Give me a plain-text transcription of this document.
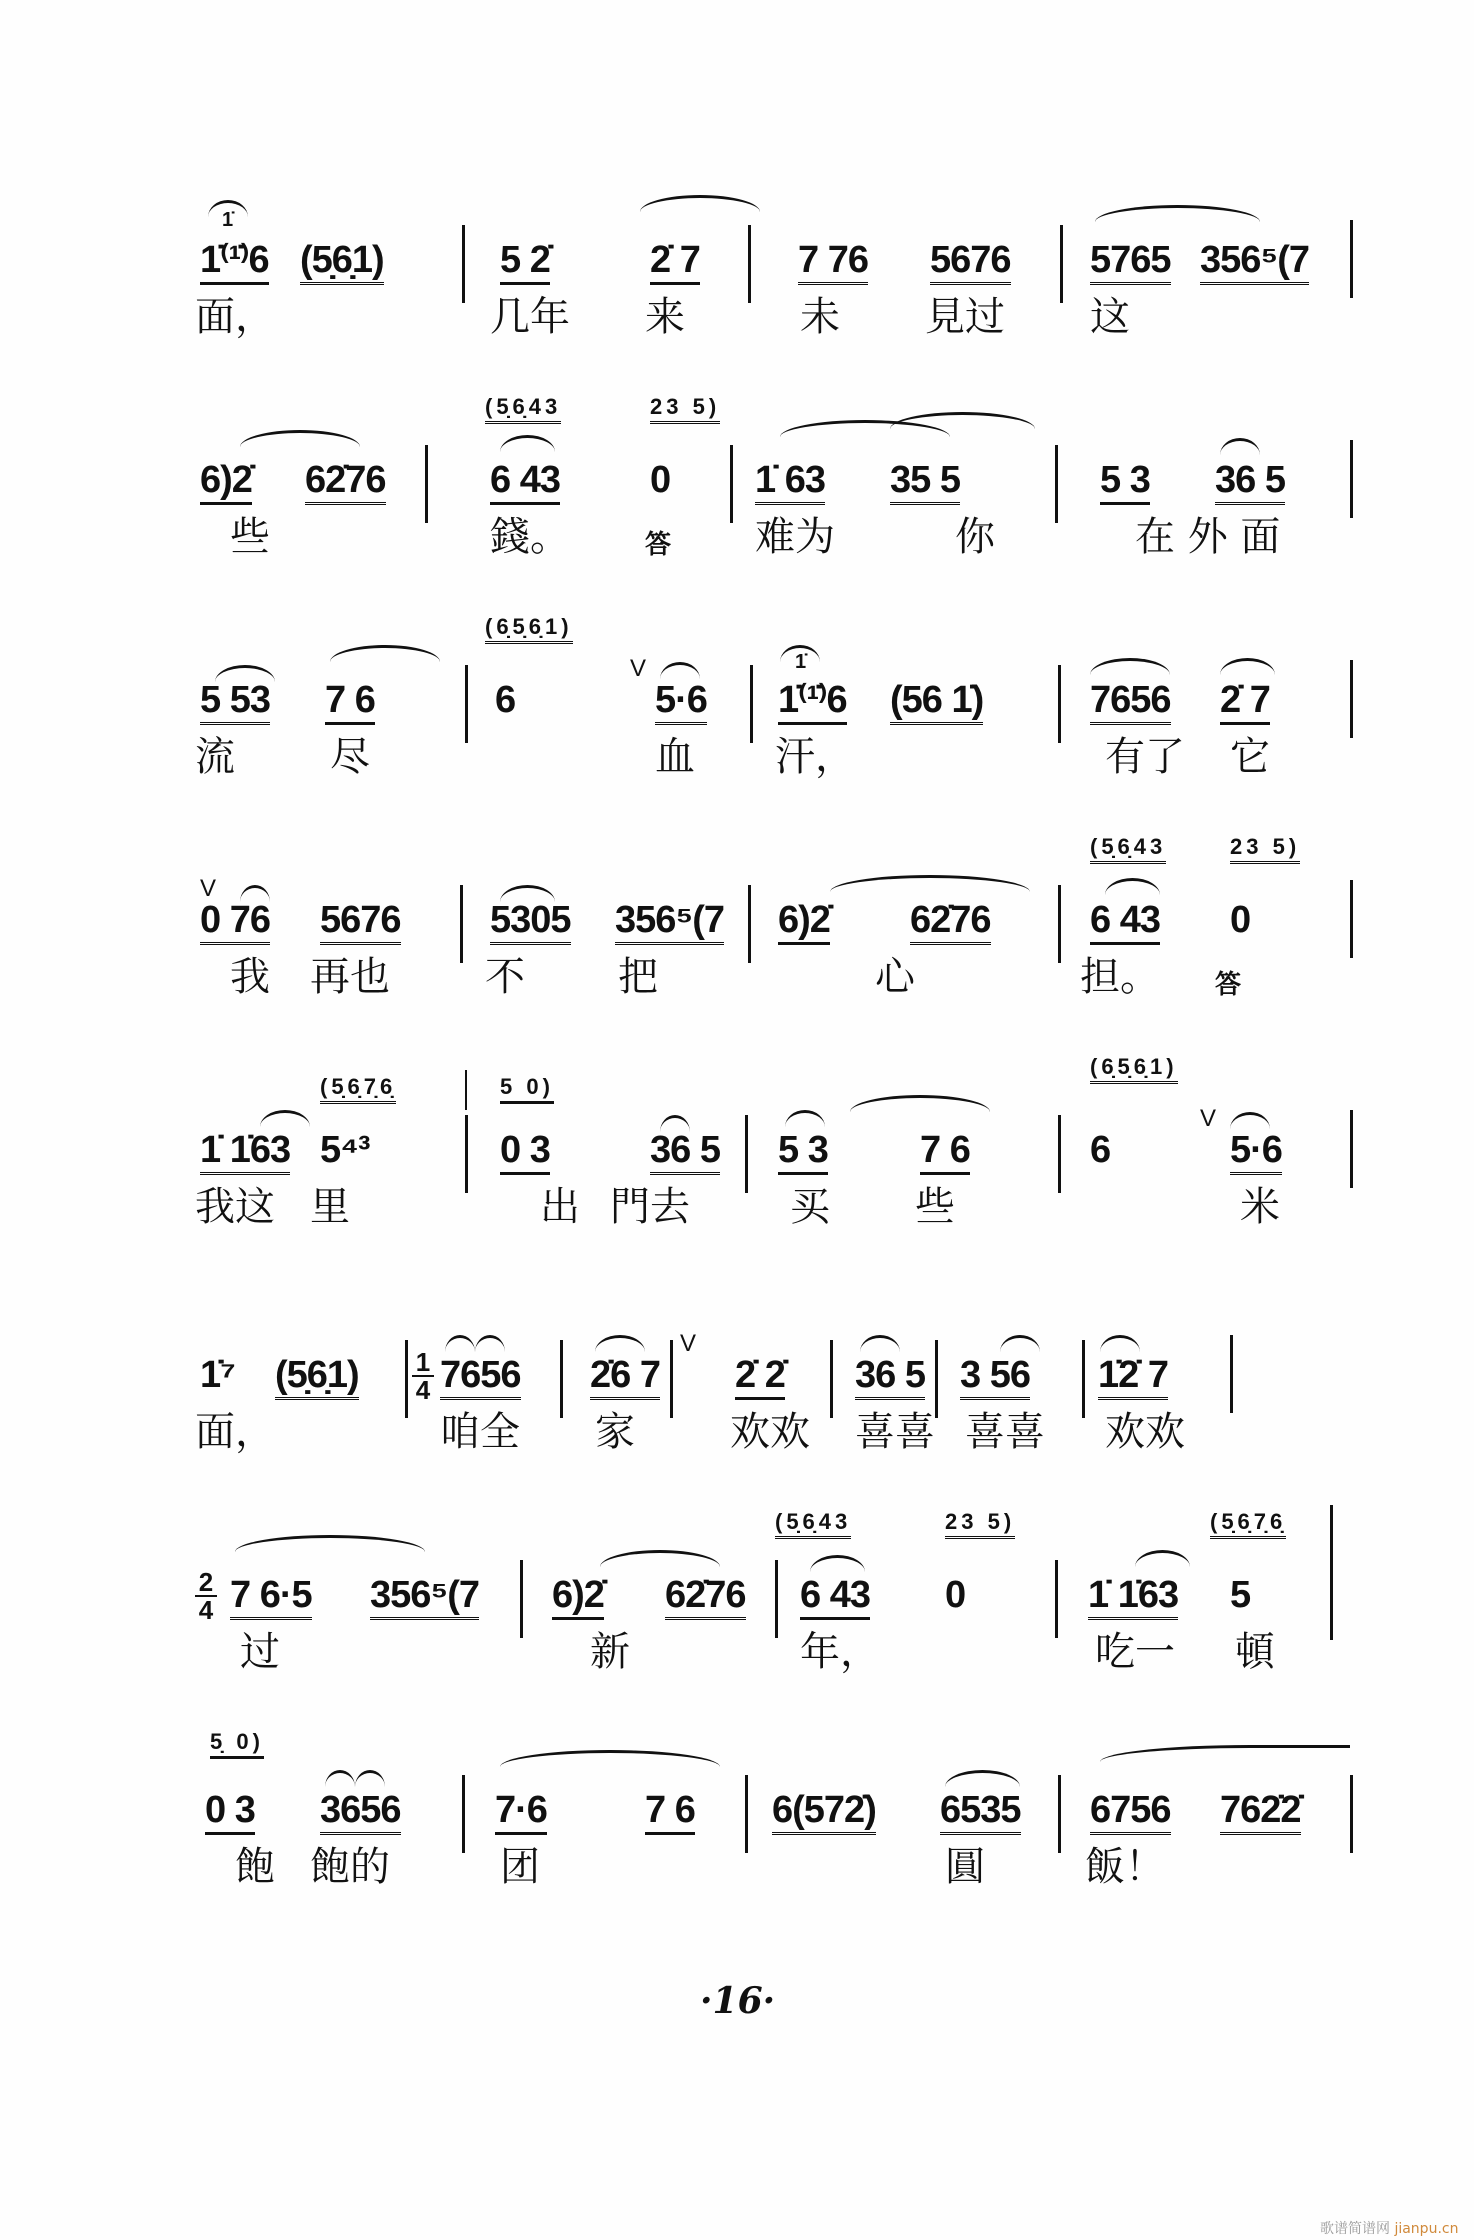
1̇
1̇⁽¹̇⁾6 (5̣6̣1)	5 2̇	2̇ 7	7 76 5676 5765 356⁵(7
面，	几年 来	未 見过 这
(5̣6̣43	23 5)
6)2̇ 62̇76	6 43 0 1̇ 63 35 5	5 3 36 5
些	錢。	答 难为	你	在 外 面
(6̣5̣6̣1)
5 53 7 6	6
V
5·6
1̇
1̇⁽¹̇⁾6 (56 1̇)	7656 2̇ 7
流 尽	血 汗，	有了 它
(5̣6̣43	23 5)
V
0 76 5676 5305 356⁵(7 6)2̇ 62̇76	6 43 0
我 再也 不 把	心	担。 答
(5̣6̣7̣6̣	5 0)
(6̣5̣6̣1)
1̇ 1̇63 5⁴³	0 3	36 5 5 3 7 6	6
V
5·6
我这 里	出 門去	买 些	米
1̇⁷ (5̣6̣1) 1
4 7656 2̇6 7
V
2̇ 2̇ 36 5 3 56 1̇2̇ 7
面，	咱全 家 欢欢 喜喜 喜喜 欢欢
(5̣6̣43	23 5)	(5̣6̣7̣6̣
2
4 7 6·5 356⁵(7 6)2̇ 62̇76 6 43 0	1̇ 1̇63 5
过	新	年，	吃一 頓
5̣ 0)
0 3 3656 7·6	7 6 6(572̇) 6535 6756 762̇2̇
飽 飽的	团	圓	飯！
·16·
歌谱简谱网 jianpu.cn
